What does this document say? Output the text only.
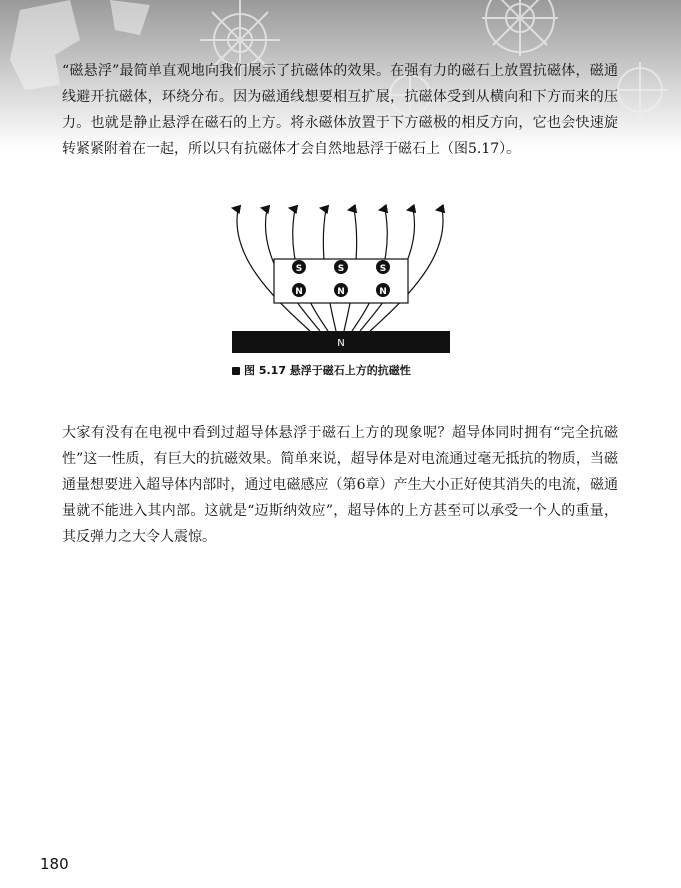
“磁悬浮”最简单直观地向我们展示了抗磁体的效果。在强有力的磁石上放置抗磁体，磁通线避开抗磁体，环绕分布。因为磁通线想要相互扩展，抗磁体受到从横向和下方而来的压力。也就是静止悬浮在磁石的上方。将永磁体放置于下方磁极的相反方向，它也会快速旋转紧紧附着在一起，所以只有抗磁体才会自然地悬浮于磁石上（图5.17）。

S
N
S
N
S
N
N
图 5.17 悬浮于磁石上方的抗磁性

大家有没有在电视中看到过超导体悬浮于磁石上方的现象呢？超导体同时拥有“完全抗磁性”这一性质，有巨大的抗磁效果。简单来说，超导体是对电流通过毫无抵抗的物质，当磁通量想要进入超导体内部时，通过电磁感应（第6章）产生大小正好使其消失的电流，磁通量就不能进入其内部。这就是“迈斯纳效应”，超导体的上方甚至可以承受一个人的重量，其反弹力之大令人震惊。

180
